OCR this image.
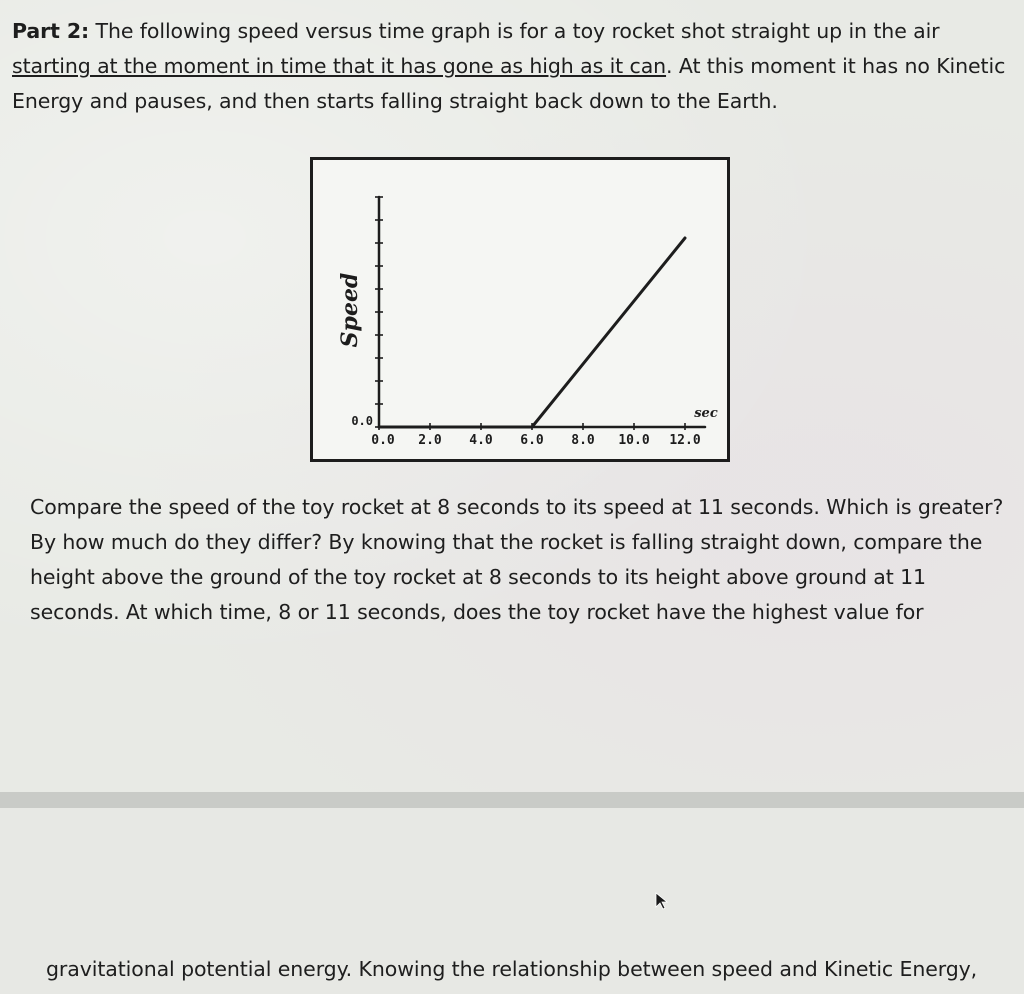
Part 2: The following speed versus time graph is for a toy rocket shot straight up in the air starting at the moment in time that it has gone as high as it can. At this moment it has no Kinetic Energy and pauses, and then starts falling straight back down to the Earth.

Speed
0.0	sec
0.0 2.0 4.0 6.0 8.0 10.0 12.0

Compare the speed of the toy rocket at 8 seconds to its speed at 11 seconds. Which is greater? By how much do they differ? By knowing that the rocket is falling straight down, compare the height above the ground of the toy rocket at 8 seconds to its height above ground at 11 seconds. At which time, 8 or 11 seconds, does the toy rocket have the highest value for

gravitational potential energy. Knowing the relationship between speed and Kinetic Energy,
